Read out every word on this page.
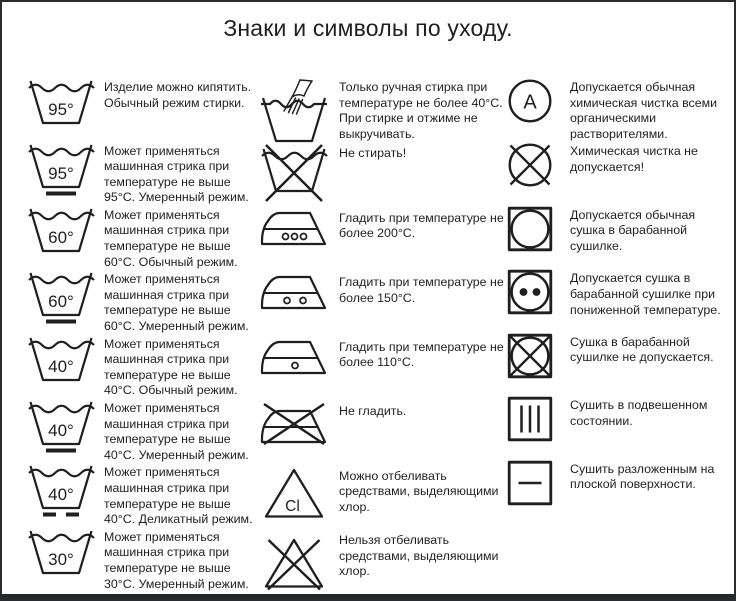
Знаки и символы по уходу.
95°
Изделие можно кипятить. Обычный режим стирки.
95°
Может применяться машинная стрика при температуре не выше 95°С. Умеренный режим.
60°
Может применяться машинная стрика при температуре не выше 60°С. Обычный режим.
60°
Может применяться машинная стрика при температуре не выше 60°С. Умеренный режим.
40°
Может применяться машинная стрика при температуре не выше 40°С. Обычный режим.
40°
Может применяться машинная стрика при температуре не выше 40°С. Умеренный режим.
40°
Может применяться машинная стрика при температуре не выше 40°С. Деликатный режим.
30°
Может применяться машинная стрика при температуре не выше 30°С. Умеренный режим.
Только ручная стирка при температуре не более 40°С. При стирке и отжиме не выкручивать.
Не стирать!
Гладить при температуре не более 200°С.
Гладить при температуре не более 150°С.
Гладить при температуре не более 110°С.
Не гладить.
Cl
Можно отбеливать средствами, выделяющими хлор.
Нельзя отбеливать средствами, выделяющими хлор.
A
Допускается обычная химическая чистка всеми органическими растворителями.
Химическая чистка не допускается!
Допускается обычная сушка в барабанной сушилке.
Допускается сушка в барабанной сушилке при пониженной температуре.
Сушка в барабанной сушилке не допускается.
Сушить в подвешенном состоянии.
Сушить разложенным на плоской поверхности.
